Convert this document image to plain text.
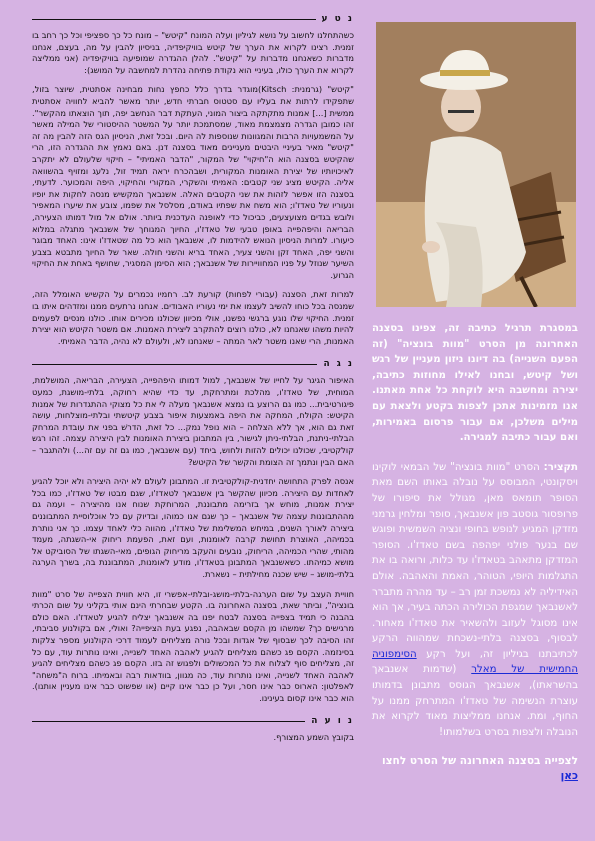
נ ט ע

כשהתחלנו לחשוב על נושא לגיליון ועלה המונח "קיטש" – מונח כל כך ספציפי וכל כך רחב בו זמנית. רצינו לקרוא את הערך של קיטש בוויקיפדיה, בניסיון להבין על מה, בעצם, אנחנו מדברות כשאנחנו מדברות על "קיטש". להלן ההגדרה שמופיעה בוויקיפדיה (אני ממליצה לקרוא את הערך כולו, בעיניי הוא נקודת פתיחה נהדרת למחשבה על המושג):

"קיטש" (גרמנית: Kitsch)מוגדר בדרך כלל כחפץ נחות מבחינה אסתטית, שיוצר בזול, שתפקידו לרתות את בעליו עם סטטוס חברתי חדש, יותר מאשר להביא לחוויה אסתטית ממשית [...] אמנות מתקתקה ביצור המוני, העתקת דבר הנחשב יפה, תוך הוצאתו מהקשר". זהו כמובן הגדרה מצמצמת מאוד, שמסתמכת יותר על המשטר ההיסטורי של המילה מאשר על המשמעויות הרבות והמגוונות שנוספות לה היום. ובכל זאת, הניסיון הגס הזה להבין מה זה "קיטש" מאיר בעיניי היבטים מעניינים מאוד בסצנה דנן. באם נאמץ את ההגדרה הזו, הרי שהקיטש בסצנה הוא ה"חיקוי" של המקור, "הדבר האמיתי" – חיקוי שלעולם לא יתקרב לאיכויותיו של יצירת האומנות המקורית, ושבהכרח יראה תמיד זול, נלעג ומזויף בהשוואה אליה. הקיטש מציג שני קטבים: האמיתי והשקרי, המקורי והחיקוי, היפה והמכוער. לדעתי, בסצנה הזו אפשר לזהות את שני הקטבים האלה. אשנבאך המקשיש מנסה לחקות את יופיו ונעוריו של טאדז'ו; הוא משח את שפתיו באודם, מסלסל את שפמו, צובע את שיערו המאפיר ולובש בגדים מצועצעים, כביכול כדי לאופנה העדכנית ביותר. אולם אל מול דמותו הצעירה, הבריאה והיפהפייה באופן טבעי של טאדז'ו, החיוך המגוחך של אשנבאך מתגלה במלוא כיעורו. למרות הניסיון הנואש להידמות לו, אשנבאך הוא כל מה שטאדז'ו אינו: האחד מבוגר והשני יפה, האחד זקן והשני צעיר, האחד בריא והשני חולה. שאר של החיוך מתבטא בצבע השיער שנוזל על פניו המחוויירות של אשנבאך; הוא הסימן המסגיר, שחושף באחת את החיקוי הגרוע.

למרות זאת, הסצנה (עבורי לפחות) קורעת לב. רחמיו נכמרים על הקשיש האומלל הזה, שמנסה בכל כוחו להשיב לעצמו את ימי נעוריו האבודים. אנחנו נרתעים ממנו ומזדהים איתו בו זמנית. החיקוי שלו נוגע ברגשי נפשנו, אולי מכיוון שכולנו מכירים אותו. כולנו מנסים לפעמים להיות משהו שאנחנו לא, כולנו רוצים להתקרב ליצירת האמנות. אם משטר הקיטש הוא יצירת האמנות, הרי שאנו משטר לאר המתה – שאנחנו לא, ולעולם לא נהיה, הדבר האמיתי.

נ ג ה

האיפור הגיגר על לחייו של אשנבאך, למול דמותו היפהפייה, הצעירה, הבריאה, המושלמת, המוחית, של טאדז'ו, מהלכת ומתרחקת, עד כדי שהיא רחוקה, בלתי-מושגת, כמעט פיגורטיבית... כמו גם הרוצע בו נמצא אשנבאך מעלה לי את כל מצוקי ההתגדרות של אמנות הקיטש: הקולח, המחקה את היפה באמצעות איפור בצבע קיטשתי ובלתי-מוצלחות, עושה זאת גם הוא, אך ללא הצלחה – הוא נופל נמק... כל זאת, הדרשׁ בפני את עובדת המרחק הבלתי-ניתנת, הבלתי-ניתן לגישור, בין המתבונן ביצירת האומנות לבין היצירה עצמה. זהו רגש קולקטיבי, שכולנו יכולים להזות ולחוש, ביחד (עם אשנבאך, כמו גם זה עם זה...) ולהתגבר – האם הבין ונתמך זה הצומת והקשר של הקיטש?

אנסה לפרק התחושה יחדנית-קולקטיבית זו. המתבונן לעולם לא יהיה היצירה ולא יוכל להגיע לאחדות עם היצירה. מכיוון שהקשר בין אשנבאך לטאדז'ו, שגם מבטו של טאדז'ו, כמו בכל יצירת אמנות, מוחש אך בזרימה מתבוננת, המרוחקת שנוח אנו מהיצירה – ועמה גם מההתבוננות עצמה של אשנבאך – כך שגם אנו כמוהו, ובדיוק עם כל אוכלוסיית המתבוננים ביצירה לאורך השנים, במיחש המשלימת של טאדז'ו, מהווה כלי לאחד עצמו. כך אני נותרת בכמיהה, האוצרת תחושת קרבה לאומנות, ועם זאת, הפעמת ריחוק אי-השגתה, מעמד מהותי, שהרי הכמיהה, הריחוק, נובעים והעקב מריחוק הגופים, מאי-השגתו של הסוביקט אל מושא כמיהתו. כשאשנבאך המתבונן בטאדז'ו, מודע לאומנות, המתבוננת בה, בשרך הערגה בלתי-מושג – שיש שכנה מחילתית – נשארת.

חוויית העצב על שום הערגה-בלתי-מושג-ובלתי-אפשרי זו, היא חווית הצפייה של סרט "מוות בונציה", וביתר שאת, בסצנה האחרונה בו. הקטע שבחרתי הינם אותי בקליני על שום הכרתי בהבנה כי תמיד בצפייה בסצנה לבטח יפנו בה אשנבאך יצליח להגיע לטאדז'ו. האם כולם מרגישים כך? שמשהו מן הקסם שבאהבה, נפגע בעת הציפייה? ואולי, אם בקולנוע סביבתי, זהו הסיבה לכך שבסוף של אגדות ובכל נורה מצליחים לעמוד דרכי הקולנוע מספר צלקות בסינזמה. הקסם פג כשהם מצליחים להגיע לאהבה האחד לשנייה, ואינו נותרות עוד, עם כל זה, מצליחים סוף לצלוח את כל המכשולים ולפגוש זה בזו. הקסם פג כשהם מצליחים להגיע לאהבה האחד לשנייה, ואינו נותרות עוד, כה מגוון, בוודאות רבה ובאמיתו. ברוח ה"משחה" לאפלטון: הארוס כבר אינו חסר, ועל כן כבר אינו קיים (או שפשוט כבר אינו מעניין אותנו). הוא כבר אינו קסום בעינינו.

נ ו ע ה

בקובץ השמע המצורף.

במסגרת תרגיל כתיבה זה, צפינו בסצנה האחרונה מן הסרט "מוות בונציה" (זה הפעם השנייה) בה דיונו ניזון מעניין של רגש ושל קיטש, ובחנו לאילו מחוזות כתיבה, יצירה ומחשבה היא לוקחת כל אחת מאתנו. אנו מזמינות אתכן לצפות בקטע ולצאת עם מילים משלכן, אם עבור פרסום באמירות, ואם עבור כתיבה למגירה.
תקציר: הסרט "מוות בונציה" של הבמאי לוקינו ויסקונטי, המבוסס על נובלה באותו השם מאת הסופר תומאס מאן, מגולל את סיפורו של פרופסור גוסטב פון אשנבאך, סופר ומלחין גרמני מזדקן המגיע לנופש בחופי ונציה השמשית ופוגש שם בנער פולני יפהפה בשם טאדז'ו. הסופר המזדקן מתאהב בטאדז'ו עד כלות, ורואה בו את התגלמות היופי, הטוהר, האמת והאהבה. אולם האידיליה לא נמשכת זמן רב – עד מהרה מתברר לאשנבאך שמגפת הכולירה הכתה בעיר, אך הוא אינו מסוגל לעזוב ולהשאיר את טאדז'ו מאחור. לבסוף, בסצנה בלתי-נשכחת שמהווה הרקע לכתיבתנו בגיליון זה, ועל רקע הסימפוניה החמישית של מאלר (שדמות אשנבאך בהשראתו), אשנבאך הגוסס מתבונן בדמותו עוצרת הנשימה של טאדז'ו המתרחק ממנו על החוף, ומת. אנחנו ממליצות מאוד לקרוא את הנובלה ולצפות בסרט בשלמותו!
לצפייה בסצנה האחרונה של הסרט לחצו כאן
